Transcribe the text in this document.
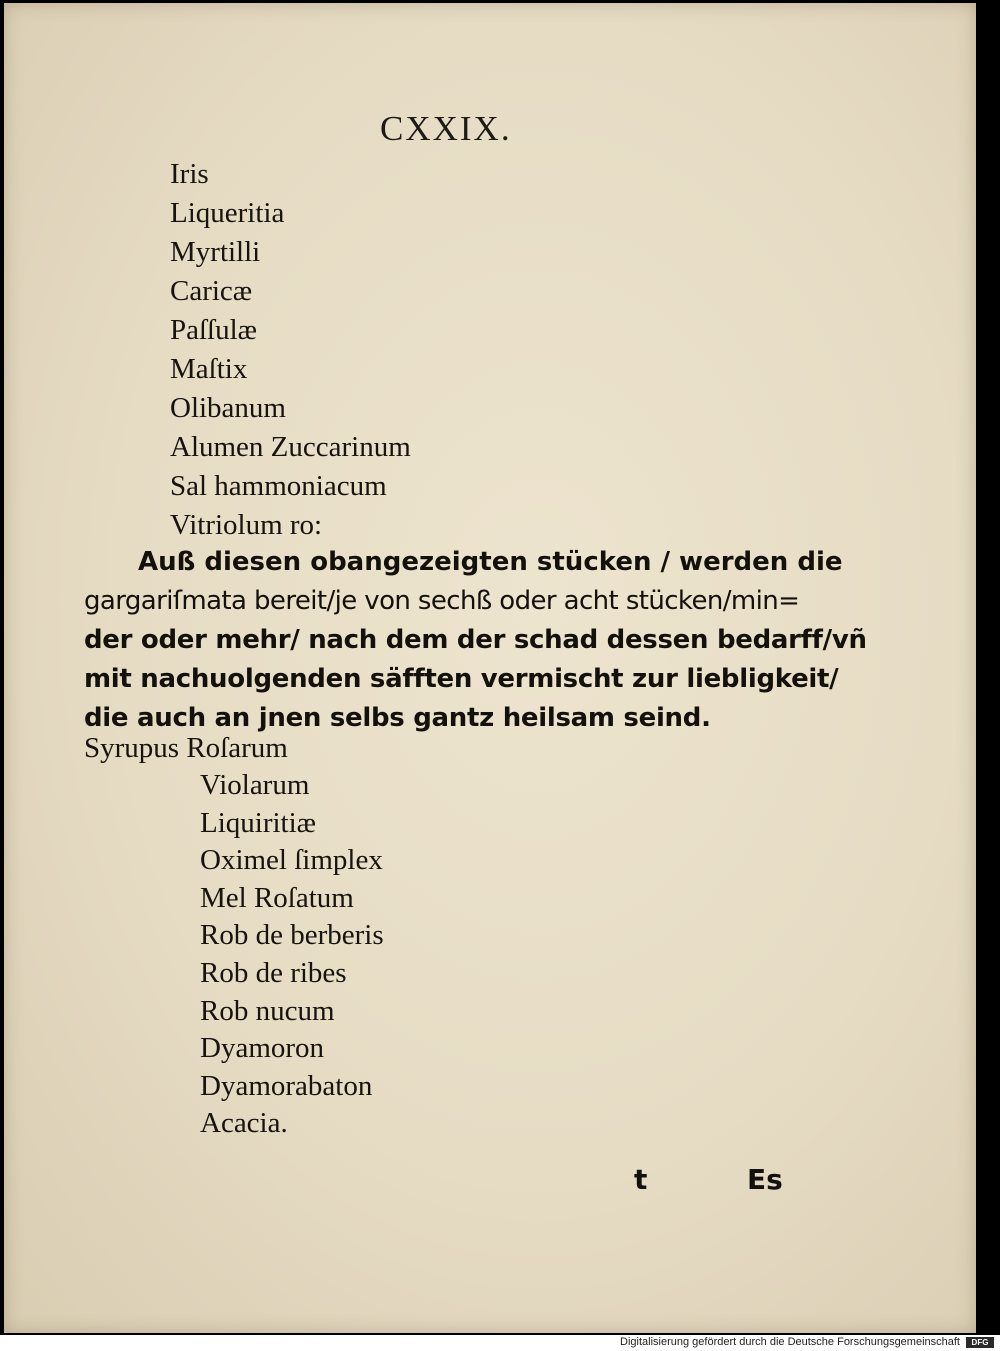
CXXIX.
Iris
Liqueritia
Myrtilli
Caricæ
Paſſulæ
Maſtix
Olibanum
Alumen Zuccarinum
Sal hammoniacum
Vitriolum ro:
Auß diesen obangezeigten stücken / werden die
gargariſmata bereit/je von sechß oder acht stücken/min=
der oder mehr/ nach dem der schad dessen bedarff/vñ
mit nachuolgenden säfften vermischt zur liebligkeit/
die auch an jnen selbs gantz heilsam seind.
Syrupus Roſarum
Violarum
Liquiritiæ
Oximel ſimplex
Mel Roſatum
Rob de berberis
Rob de ribes
Rob nucum
Dyamoron
Dyamorabaton
Acacia.
t	Es
Digitalisierung gefördert durch die Deutsche Forschungsgemeinschaft	DFG
